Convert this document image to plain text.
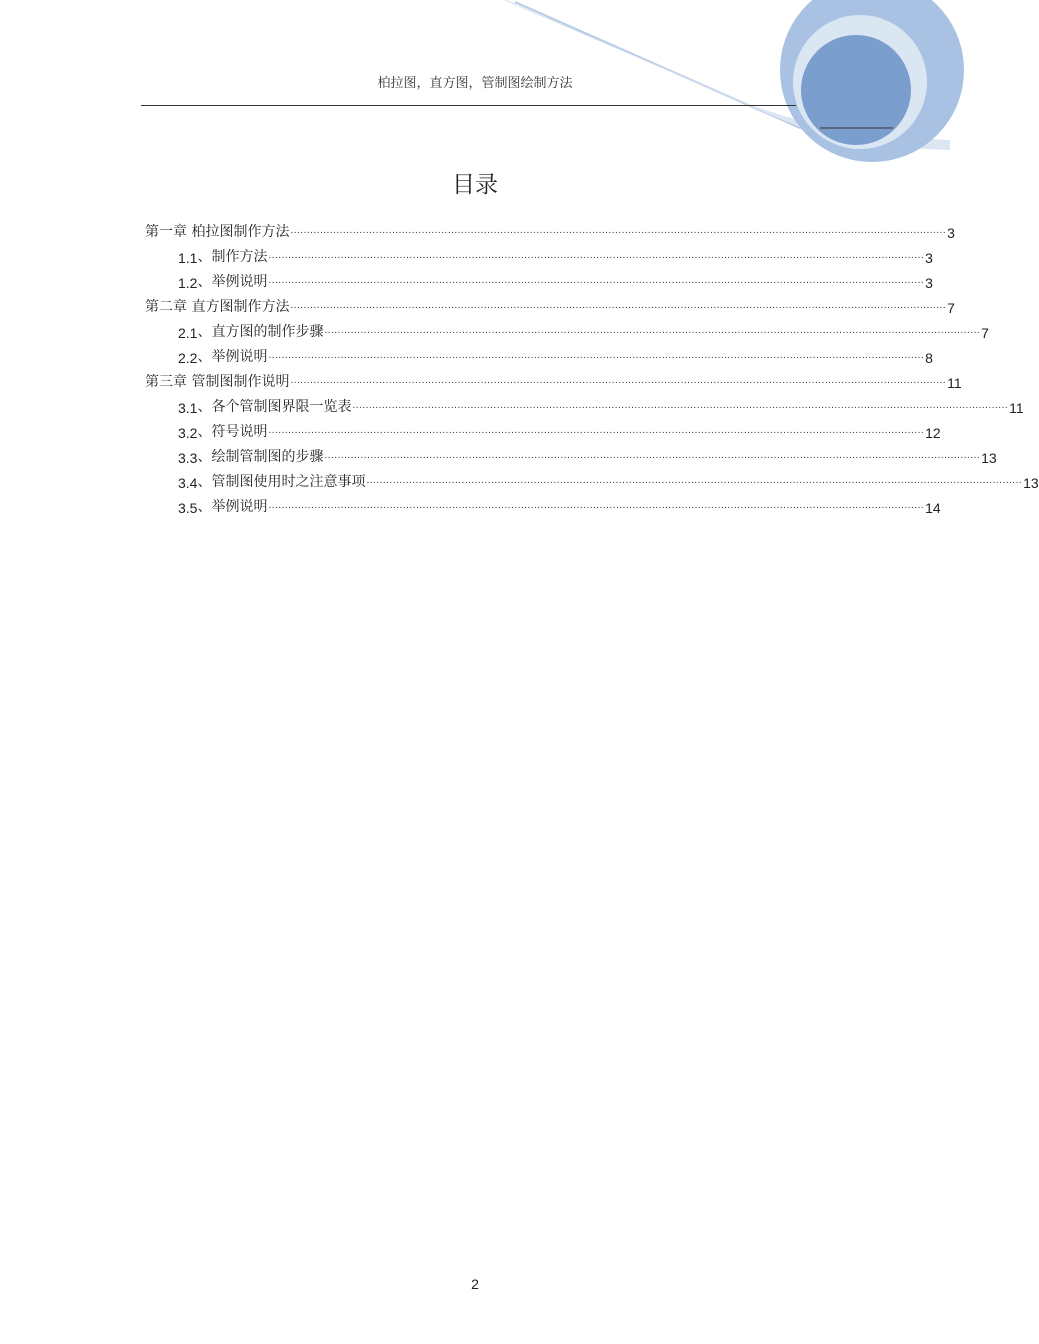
柏拉图，直方图，管制图绘制方法
目录
第一章 柏拉图制作方法 ........................................................................................................................................................................................................ 3
1.1 、制作方法 ........................................................................................................................................................................................................ 3
1.2 、举例说明 ........................................................................................................................................................................................................ 3
第二章 直方图制作方法 ........................................................................................................................................................................................................ 7
2.1 、直方图的制作步骤 ........................................................................................................................................................................................................ 7
2.2 、举例说明 ........................................................................................................................................................................................................ 8
第三章 管制图制作说明 ........................................................................................................................................................................................................ 11
3.1 、各个管制图界限一览表 ........................................................................................................................................................................................................ 11
3.2 、符号说明 ........................................................................................................................................................................................................ 12
3.3 、绘制管制图的步骤 ........................................................................................................................................................................................................ 13
3.4 、管制图使用时之注意事项 ........................................................................................................................................................................................................ 13
3.5 、举例说明 ........................................................................................................................................................................................................ 14
2
